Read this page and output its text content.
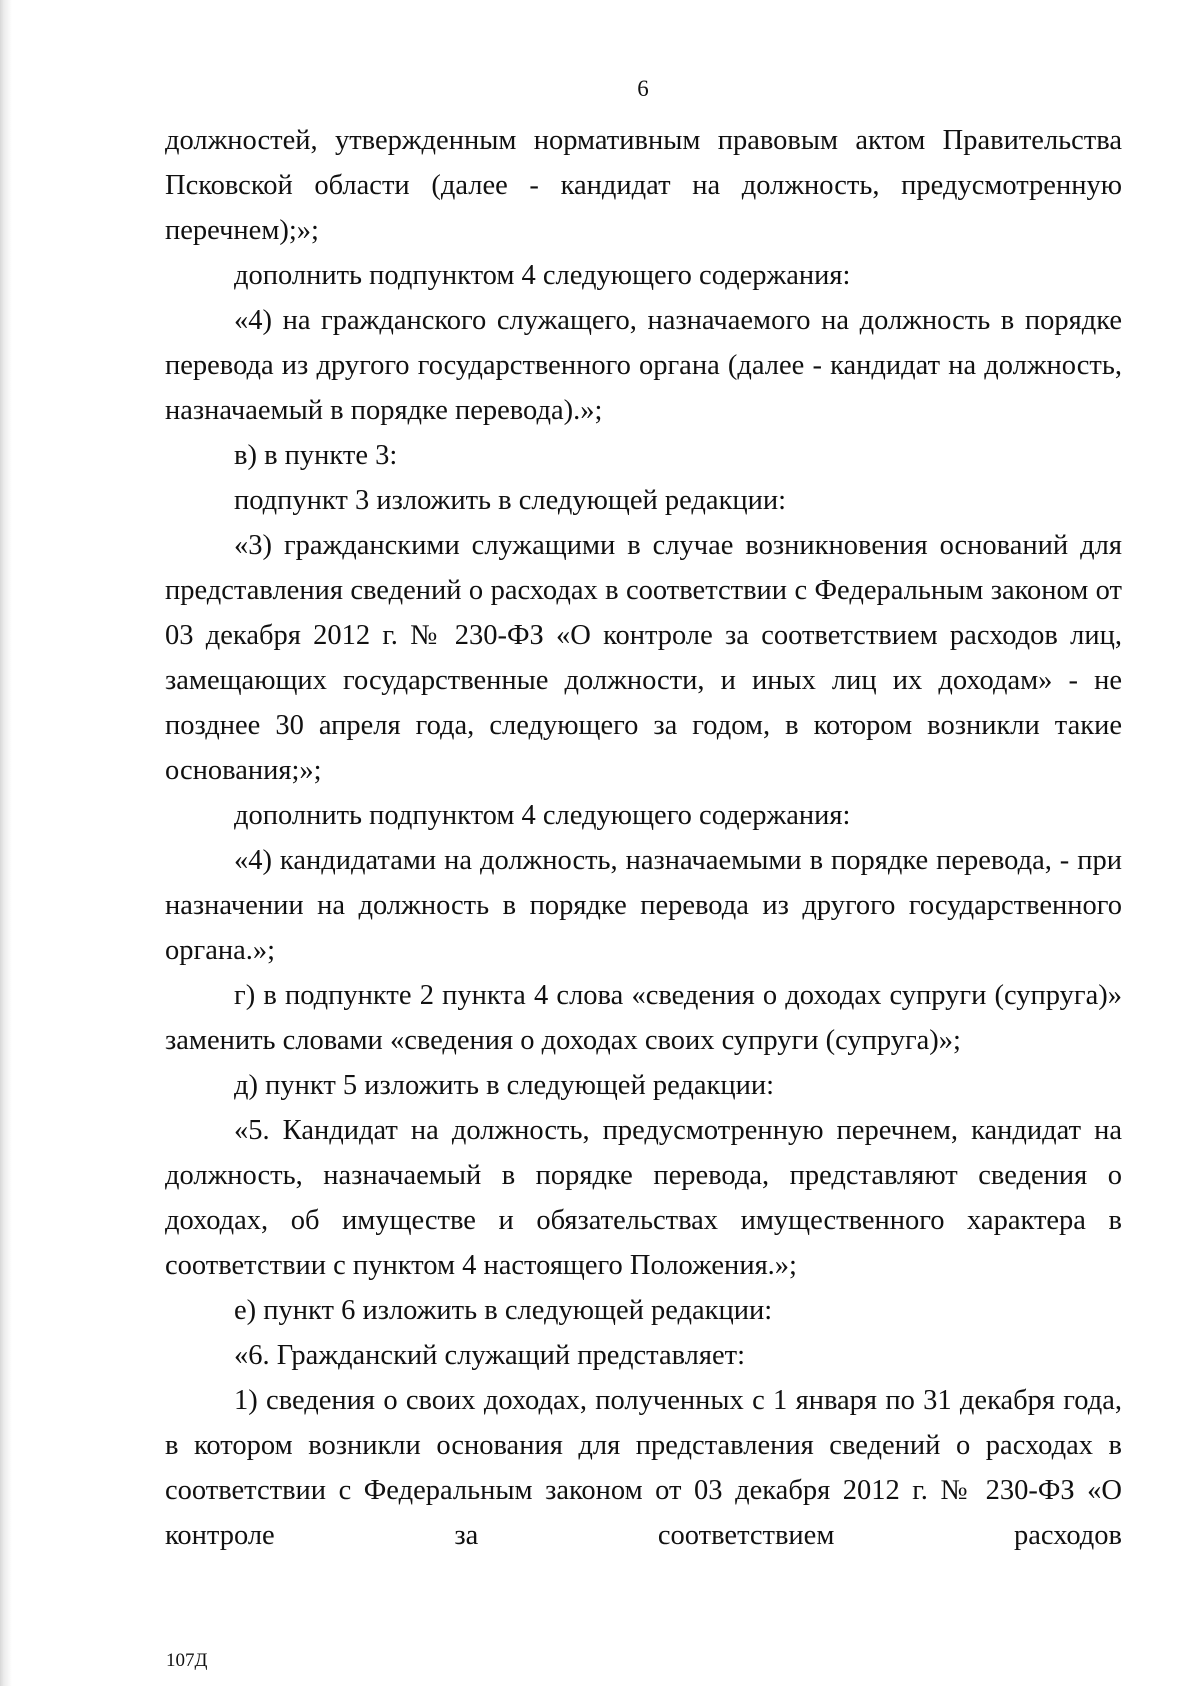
6

должностей, утвержденным нормативным правовым актом Правительства Псковской области (далее - кандидат на должность, предусмотренную перечнем);»;

дополнить подпунктом 4 следующего содержания:

«4) на гражданского служащего, назначаемого на должность в порядке перевода из другого государственного органа (далее - кандидат на должность, назначаемый в порядке перевода).»;

в) в пункте 3:

подпункт 3 изложить в следующей редакции:

«3) гражданскими служащими в случае возникновения оснований для представления сведений о расходах в соответствии с Федеральным законом от 03 декабря 2012 г. № 230-ФЗ «О контроле за соответствием расходов лиц, замещающих государственные должности, и иных лиц их доходам» - не позднее 30 апреля года, следующего за годом, в котором возникли такие основания;»;

дополнить подпунктом 4 следующего содержания:

«4) кандидатами на должность, назначаемыми в порядке перевода, - при назначении на должность в порядке перевода из другого государственного органа.»;

г) в подпункте 2 пункта 4 слова «сведения о доходах супруги (супруга)» заменить словами «сведения о доходах своих супруги (супруга)»;

д) пункт 5 изложить в следующей редакции:

«5. Кандидат на должность, предусмотренную перечнем, кандидат на должность, назначаемый в порядке перевода, представляют сведения о доходах, об имуществе и обязательствах имущественного характера в соответствии с пунктом 4 настоящего Положения.»;

е) пункт 6 изложить в следующей редакции:

«6. Гражданский служащий представляет:

1) сведения о своих доходах, полученных с 1 января по 31 декабря года, в котором возникли основания для представления сведений о расходах в соответствии с Федеральным законом от 03 декабря 2012 г. № 230-ФЗ «О контроле за соответствием расходов

107Д
